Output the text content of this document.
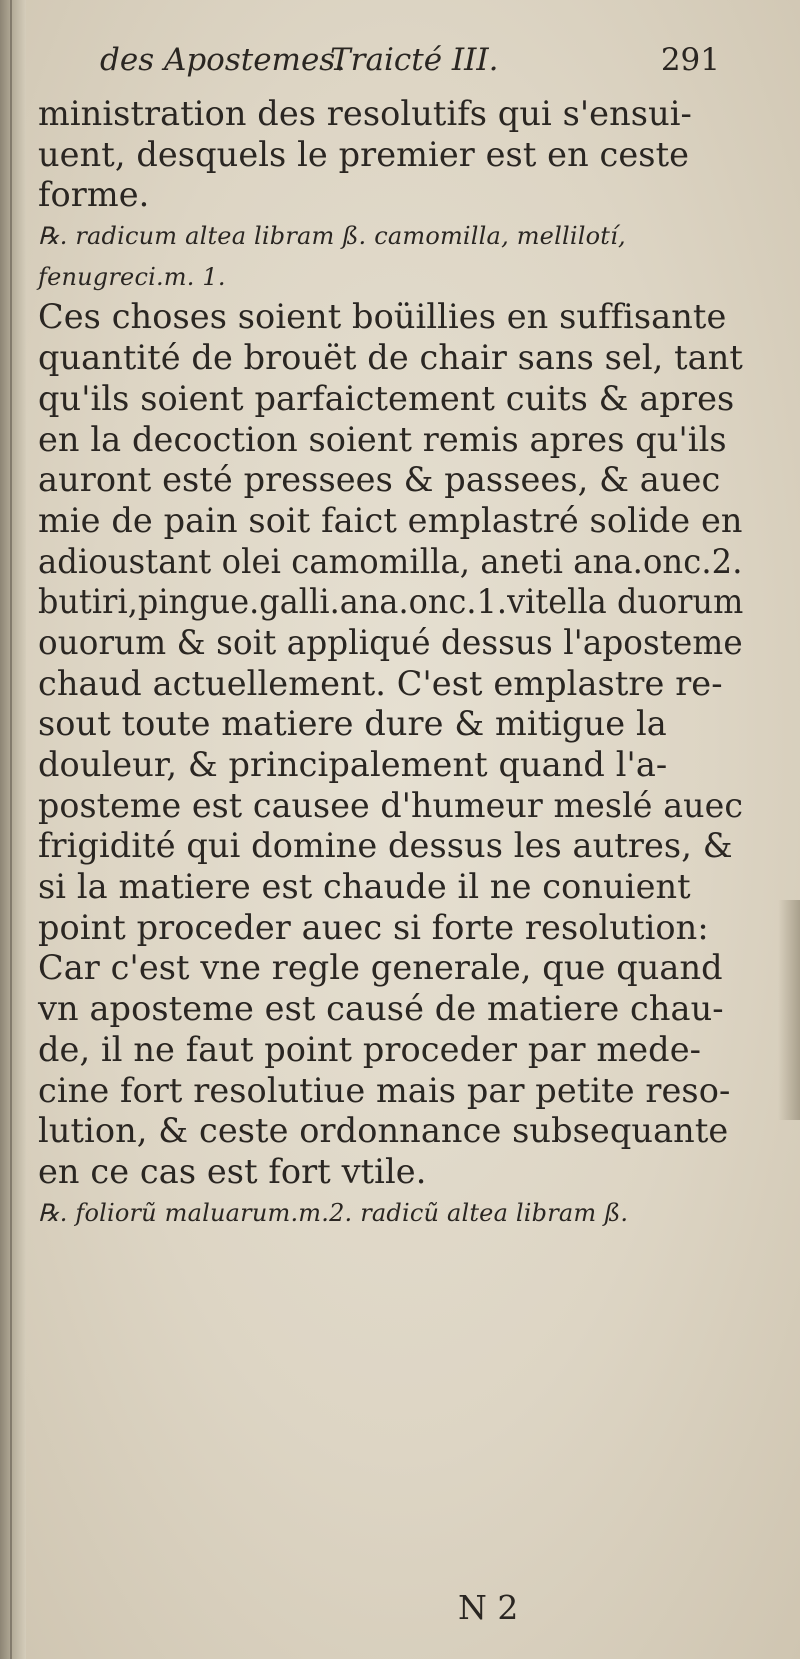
des Apostemes.
Traicté III.	291
ministration des resolutifs qui s'ensui-
uent, desquels le premier est en ceste
forme.
℞. radicum altea libram ß. camomilla, mellilotí,
fenugreci.m. 1.
Ces choses soient boüillies en suffisante
quantité de brouët de chair sans sel, tant
qu'ils soient parfaictement cuits & apres
en la decoction soient remis apres qu'ils
auront esté pressees & passees, & auec
mie de pain soit faict emplastré solide en
adioustant olei camomilla, aneti ana.onc.2.
butiri,pingue.galli.ana.onc.1.vitella duorum
ouorum & soit appliqué dessus l'aposteme
chaud actuellement. C'est emplastre re-
sout toute matiere dure & mitigue la
douleur, & principalement quand l'a-
posteme est causee d'humeur meslé auec
frigidité qui domine dessus les autres, &
si la matiere est chaude il ne conuient
point proceder auec si forte resolution:
Car c'est vne regle generale, que quand
vn aposteme est causé de matiere chau-
de, il ne faut point proceder par mede-
cine fort resolutiue mais par petite reso-
lution, & ceste ordonnance subsequante
en ce cas est fort vtile.
℞. foliorũ maluarum.m.2. radicũ altea libram ß.
N 2
